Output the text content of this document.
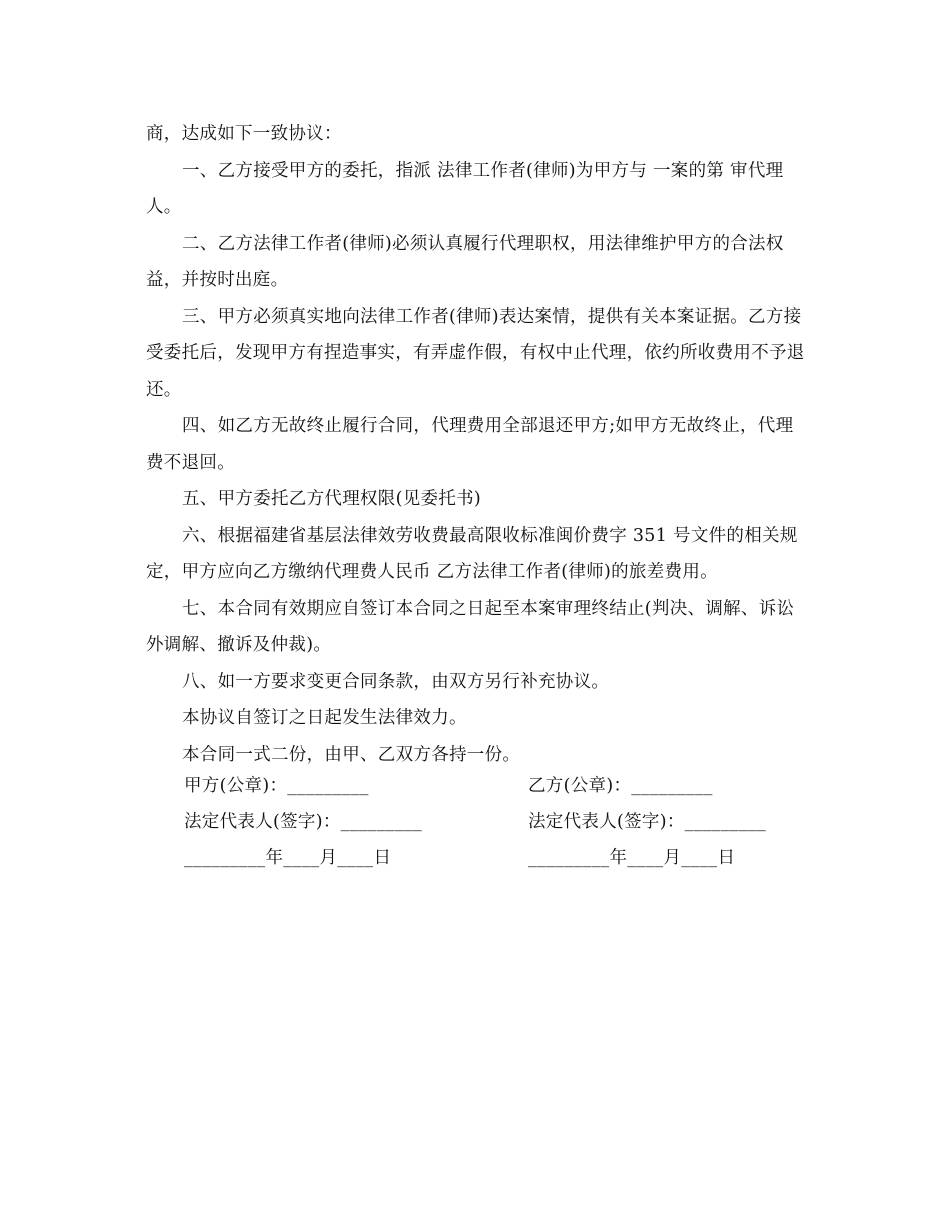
商，达成如下一致协议：

一、乙方接受甲方的委托，指派 法律工作者(律师)为甲方与 一案的第 审代理人。

二、乙方法律工作者(律师)必须认真履行代理职权，用法律维护甲方的合法权益，并按时出庭。

三、甲方必须真实地向法律工作者(律师)表达案情，提供有关本案证据。乙方接受委托后，发现甲方有捏造事实，有弄虚作假，有权中止代理，依约所收费用不予退还。

四、如乙方无故终止履行合同，代理费用全部退还甲方;如甲方无故终止，代理费不退回。

五、甲方委托乙方代理权限(见委托书)

六、根据福建省基层法律效劳收费最高限收标准闽价费字 351 号文件的相关规定，甲方应向乙方缴纳代理费人民币 乙方法律工作者(律师)的旅差费用。

七、本合同有效期应自签订本合同之日起至本案审理终结止(判决、调解、诉讼外调解、撤诉及仲裁)。

八、如一方要求变更合同条款，由双方另行补充协议。

本协议自签订之日起发生法律效力。

本合同一式二份，由甲、乙双方各持一份。

甲方(公章)：_________	乙方(公章)：_________
法定代表人(签字)：_________	法定代表人(签字)：_________
_________年____月____日	_________年____月____日
